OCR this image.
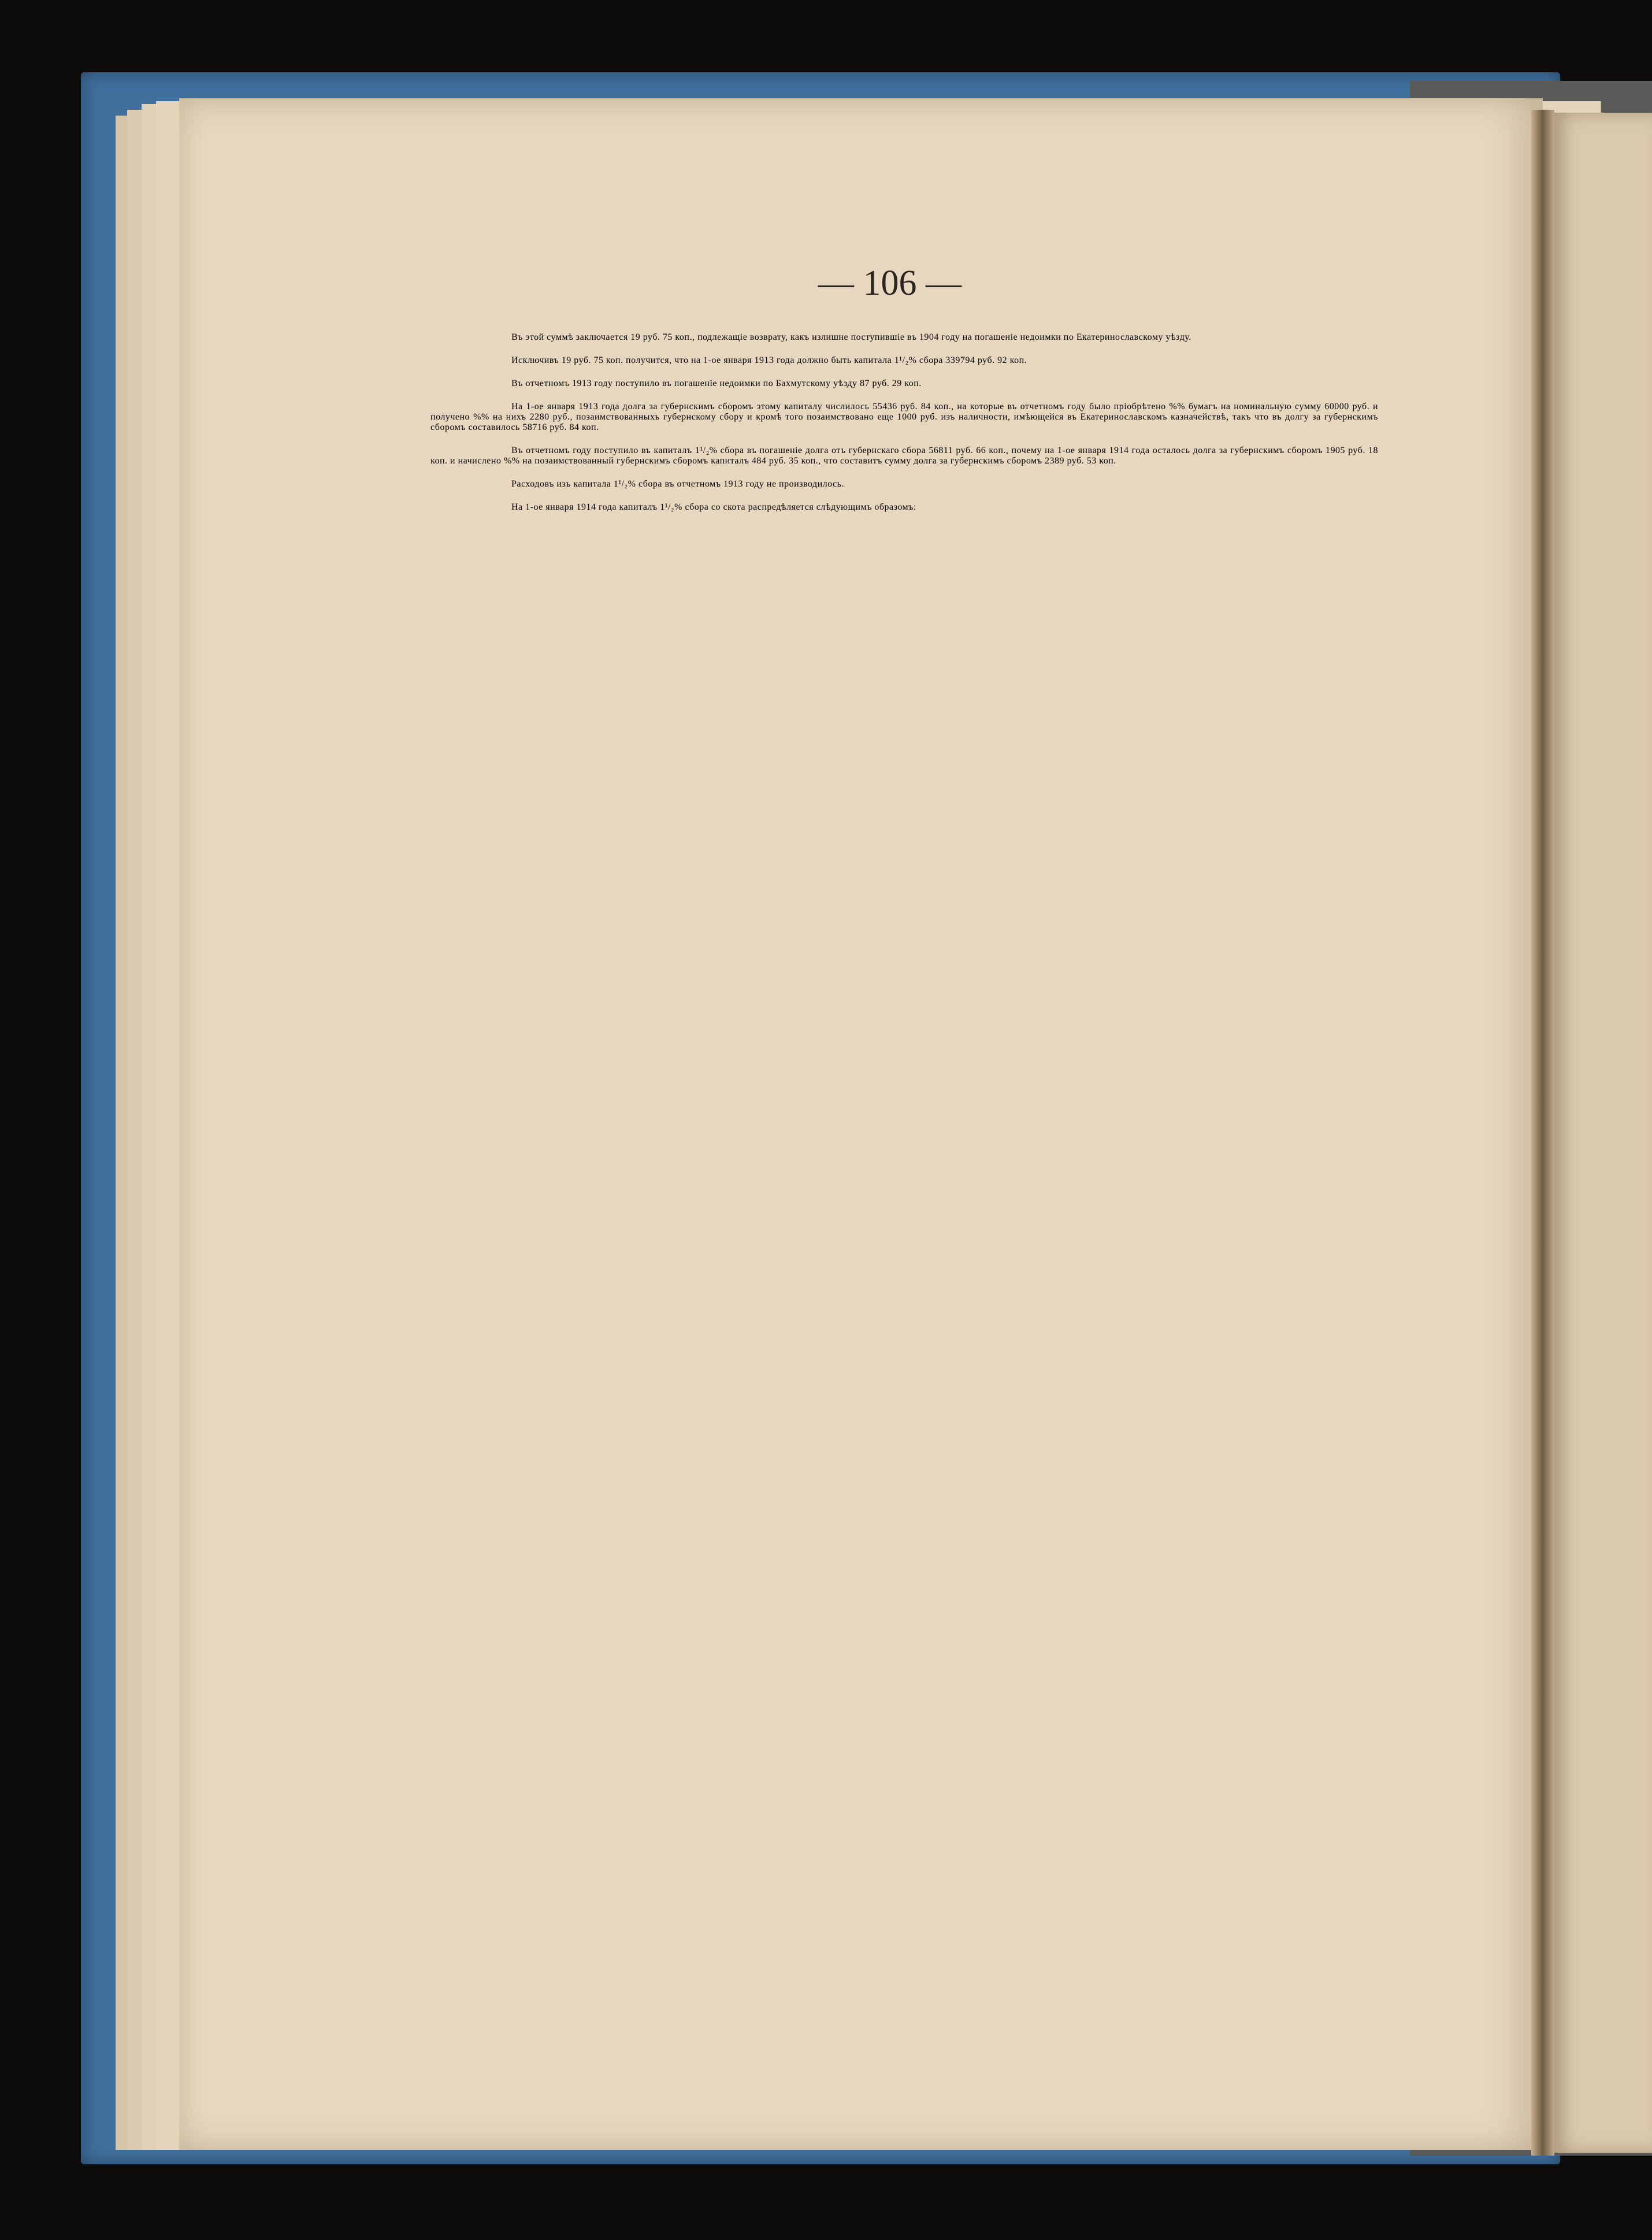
— 106 —

Въ этой суммѣ заключается 19 руб. 75 коп., подлежащіе возврату, какъ излишне поступившіе въ 1904 году на погашеніе недоимки по Екатеринославскому уѣзду.

Исключивъ 19 руб. 75 коп. получится, что на 1-ое января 1913 года должно быть капитала 1¹/₂% сбора 339794 руб. 92 коп.

Въ отчетномъ 1913 году поступило въ погашеніе недоимки по Бахмутскому уѣзду 87 руб. 29 коп.

На 1-ое января 1913 года долга за губернскимъ сборомъ этому капиталу числилось 55436 руб. 84 коп., на которые въ отчетномъ году было пріобрѣтено %% бумагъ на номинальную сумму 60000 руб. и получено %% на нихъ 2280 руб., позаимствованныхъ губернскому сбору и кромѣ того позаимствовано еще 1000 руб. изъ наличности, имѣющейся въ Екатеринославскомъ казначействѣ, такъ что въ долгу за губернскимъ сборомъ составилось 58716 руб. 84 коп.

Въ отчетномъ году поступило въ капиталъ 1¹/₂% сбора въ погашеніе долга отъ губернскаго сбора 56811 руб. 66 коп., почему на 1-ое января 1914 года осталось долга за губернскимъ сборомъ 1905 руб. 18 коп. и начислено %% на позаимствованный губернскимъ сборомъ капиталъ 484 руб. 35 коп., что составитъ сумму долга за губернскимъ сборомъ 2389 руб. 53 коп.

Расходовъ изъ капитала 1¹/₂% сбора въ отчетномъ 1913 году не производилось.

На 1-ое января 1914 года капиталъ 1¹/₂% сбора со скота распредѣляется слѣдующимъ образомъ:
